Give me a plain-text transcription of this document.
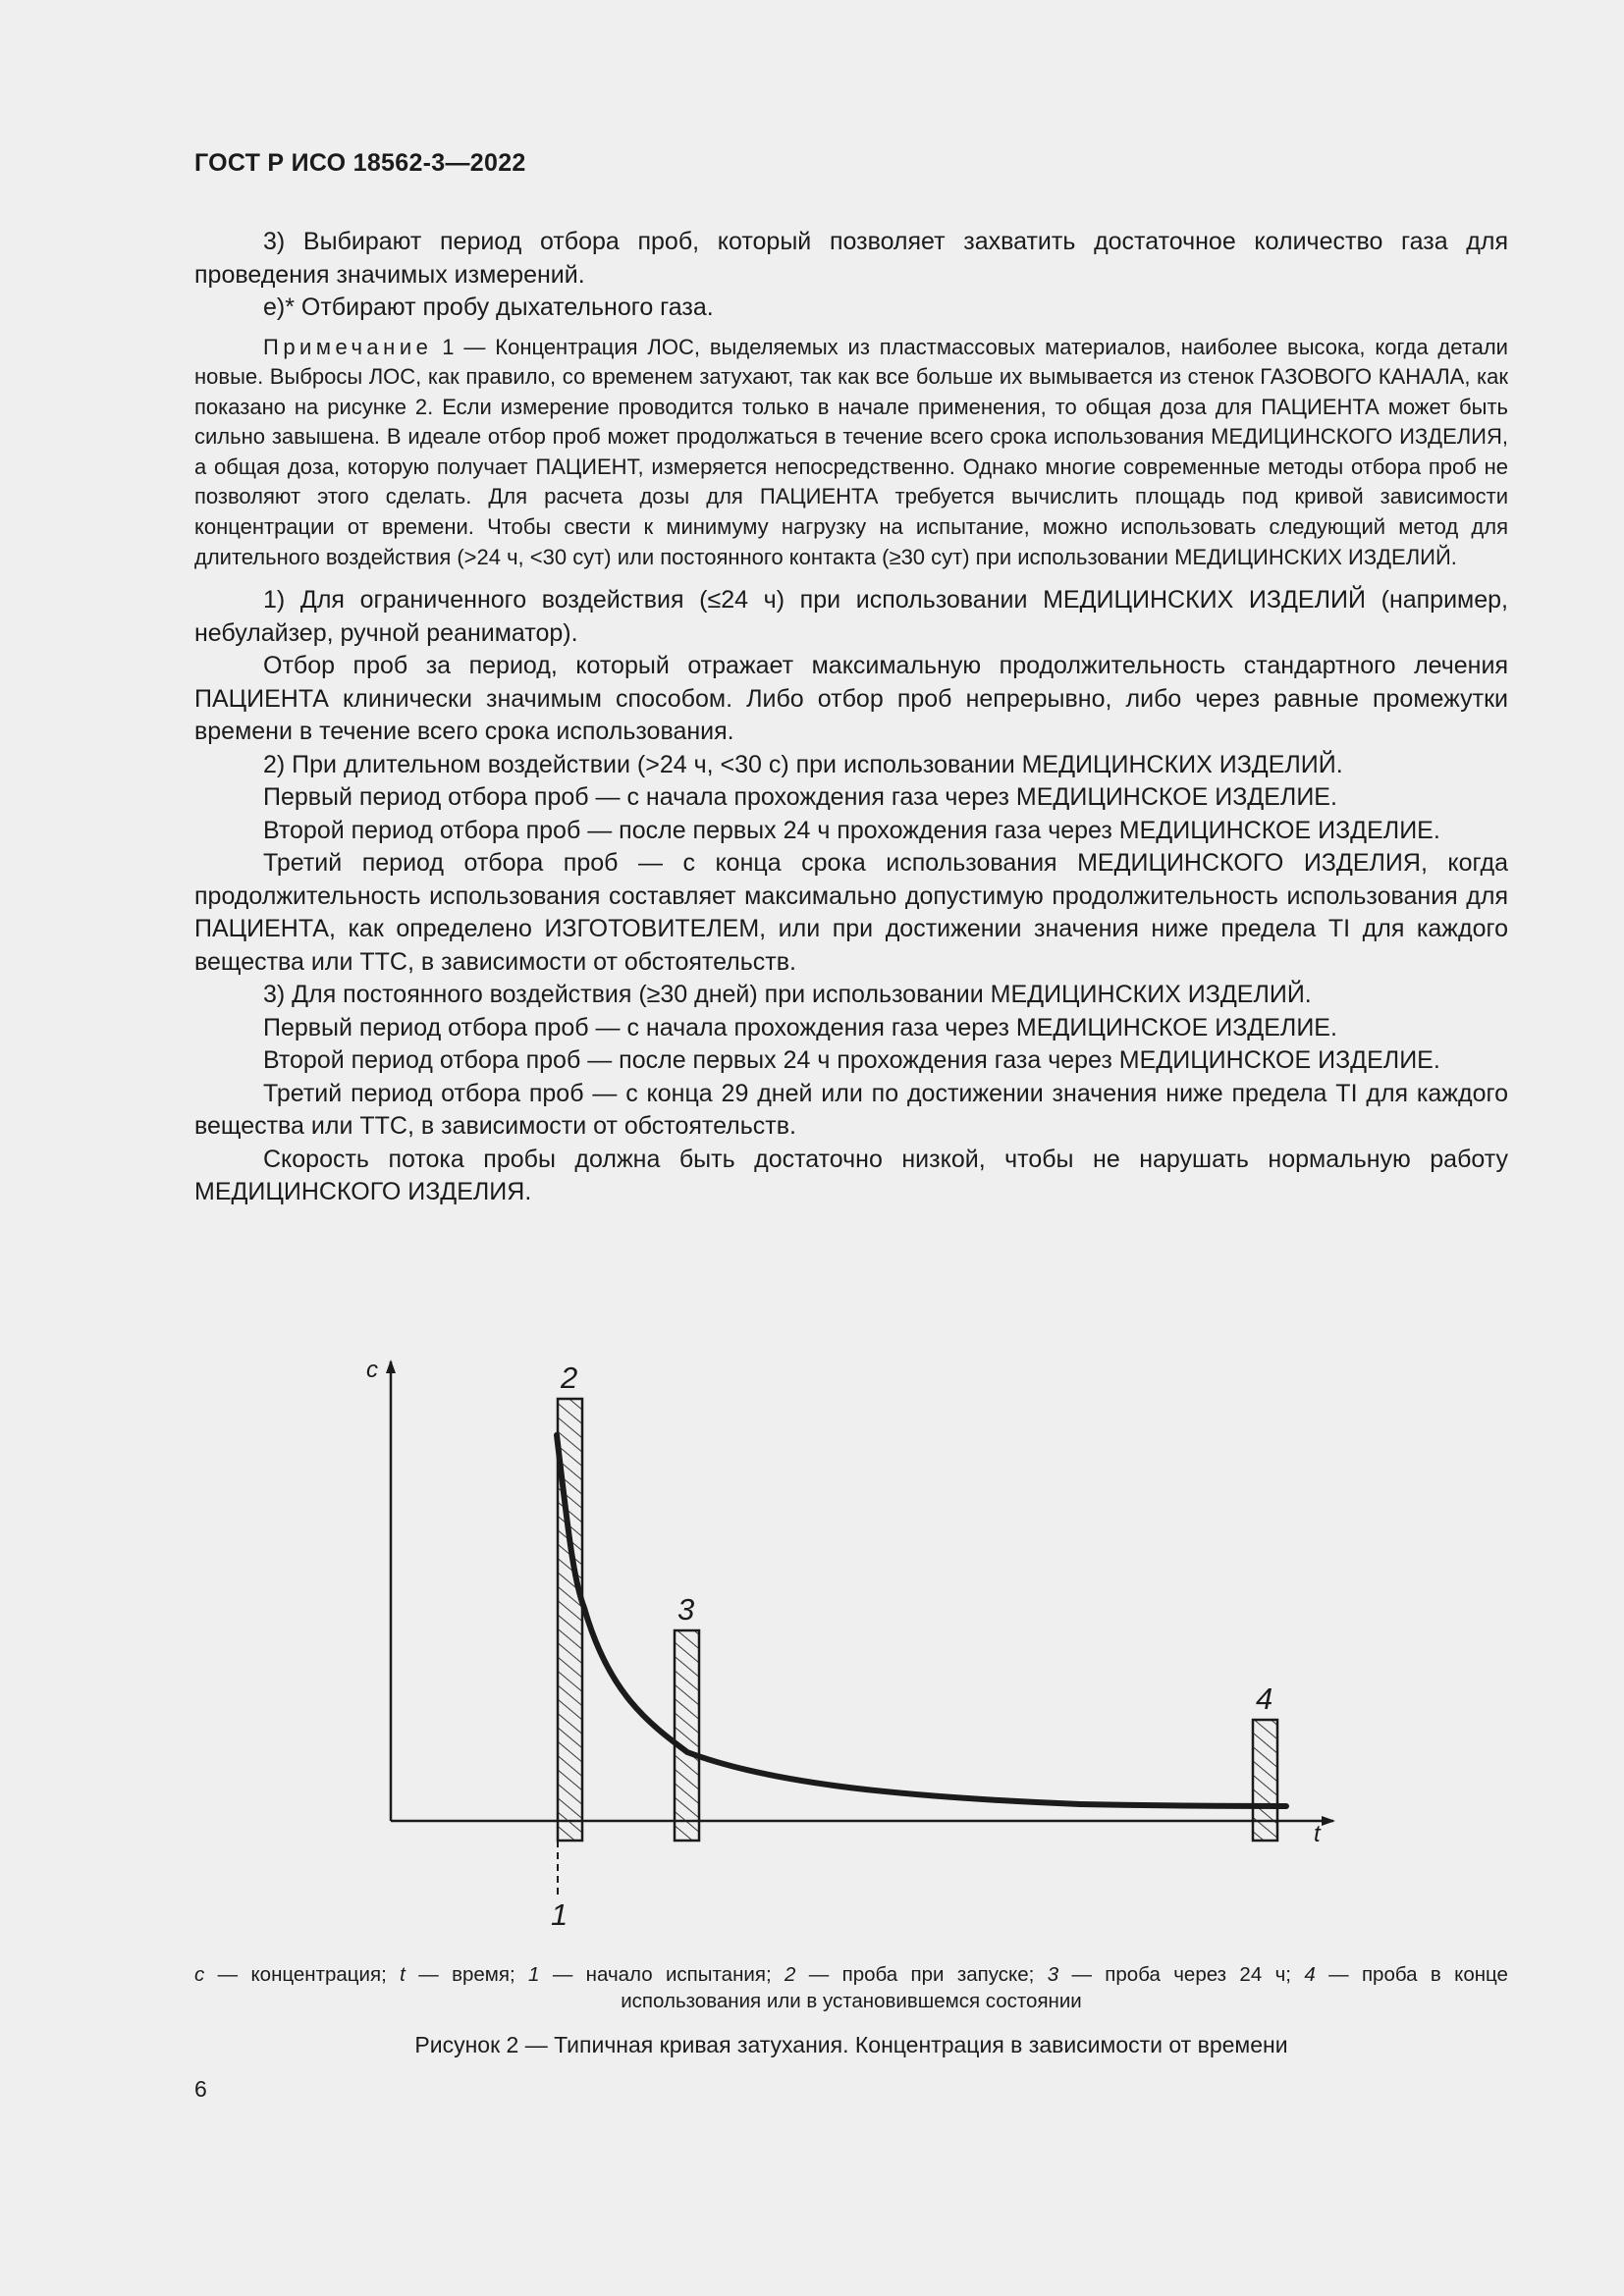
ГОСТ Р ИСО 18562-3—2022

3) Выбирают период отбора проб, который позволяет захватить достаточное количество газа для проведения значимых измерений.

е)* Отбирают пробу дыхательного газа.

Примечание 1 — Концентрация ЛОС, выделяемых из пластмассовых материалов, наиболее высока, когда детали новые. Выбросы ЛОС, как правило, со временем затухают, так как все больше их вымывается из стенок ГАЗОВОГО КАНАЛА, как показано на рисунке 2. Если измерение проводится только в начале применения, то общая доза для ПАЦИЕНТА может быть сильно завышена. В идеале отбор проб может продолжаться в течение всего срока использования МЕДИЦИНСКОГО ИЗДЕЛИЯ, а общая доза, которую получает ПАЦИЕНТ, измеряется непосредственно. Однако многие современные методы отбора проб не позволяют этого сделать. Для расчета дозы для ПАЦИЕНТА требуется вычислить площадь под кривой зависимости концентрации от времени. Чтобы свести к минимуму нагрузку на испытание, можно использовать следующий метод для длительного воздействия (>24 ч, <30 сут) или постоянного контакта (≥30 сут) при использовании МЕДИЦИНСКИХ ИЗДЕЛИЙ.

1) Для ограниченного воздействия (≤24 ч) при использовании МЕДИЦИНСКИХ ИЗДЕЛИЙ (например, небулайзер, ручной реаниматор).

Отбор проб за период, который отражает максимальную продолжительность стандартного лечения ПАЦИЕНТА клинически значимым способом. Либо отбор проб непрерывно, либо через равные промежутки времени в течение всего срока использования.

2) При длительном воздействии (>24 ч, <30 с) при использовании МЕДИЦИНСКИХ ИЗДЕЛИЙ.

Первый период отбора проб — с начала прохождения газа через МЕДИЦИНСКОЕ ИЗДЕЛИЕ.

Второй период отбора проб — после первых 24 ч прохождения газа через МЕДИЦИНСКОЕ ИЗДЕЛИЕ.

Третий период отбора проб — с конца срока использования МЕДИЦИНСКОГО ИЗДЕЛИЯ, когда продолжительность использования составляет максимально допустимую продолжительность использования для ПАЦИЕНТА, как определено ИЗГОТОВИТЕЛЕМ, или при достижении значения ниже предела TI для каждого вещества или ТТС, в зависимости от обстоятельств.

3) Для постоянного воздействия (≥30 дней) при использовании МЕДИЦИНСКИХ ИЗДЕЛИЙ.

Первый период отбора проб — с начала прохождения газа через МЕДИЦИНСКОЕ ИЗДЕЛИЕ.

Второй период отбора проб — после первых 24 ч прохождения газа через МЕДИЦИНСКОЕ ИЗДЕЛИЕ.

Третий период отбора проб — с конца 29 дней или по достижении значения ниже предела TI для каждого вещества или ТТС, в зависимости от обстоятельств.

Скорость потока пробы должна быть достаточно низкой, чтобы не нарушать нормальную работу МЕДИЦИНСКОГО ИЗДЕЛИЯ.

c
t
2
3
4
1
c — концентрация; t — время; 1 — начало испытания; 2 — проба при запуске; 3 — проба через 24 ч; 4 — проба в конце
использования или в установившемся состоянии
Рисунок 2 — Типичная кривая затухания. Концентрация в зависимости от времени
6
